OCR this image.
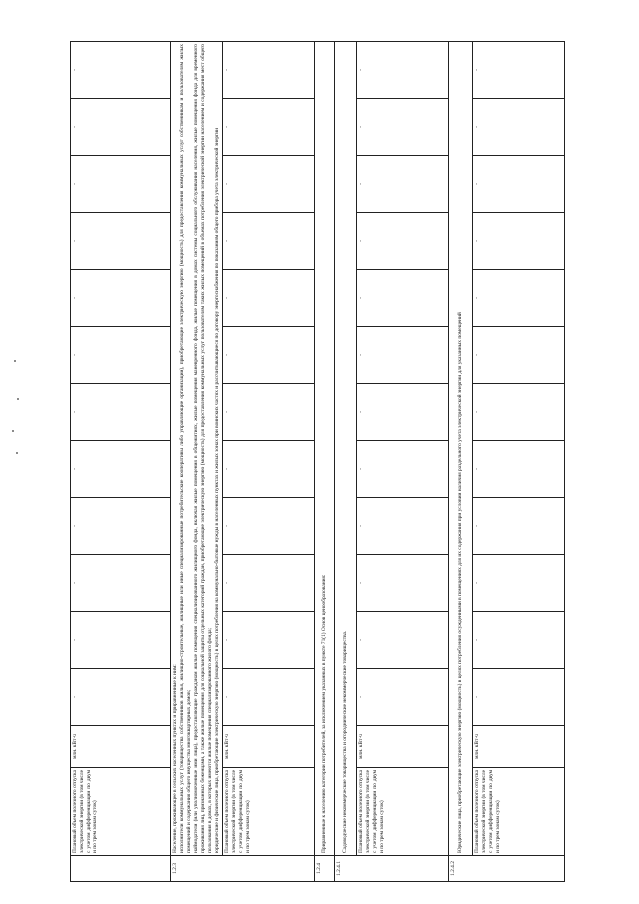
	Плановый объем полезного отпуска электрической энергии (в том числе с учетом дифференциации по двум и по трем зонам суток)	млн. кВт·ч	-	-	-	-	-	-	-	-	-	-	-	-
1.2.3	Население, проживающее в сельских населенных пунктах и приравненные к ним: исполнители коммунальных услуг (товарищества собственников жилья, жилищно-строительные, жилищные или иные специализированные потребительские кооперативы либо управляющие организации), приобретающие электрическую энергию (мощность) для предоставления коммунальных услуг собственникам и пользователям жилых помещений и содержания общего имущества многоквартирных домов; наймодатели (или уполномоченные ими лица), предоставляющие гражданам жилые помещения специализированного жилищного фонда, включая жилые помещения в общежитиях, жилые помещения маневренного фонда, жилые помещения в домах системы социального обслуживания населения, жилые помещения фонда для временного проживания лиц, признанных беженцами, а также жилые помещения для социальной защиты отдельных категорий граждан, приобретающие электрическую энергию (мощность) для предоставления коммунальных услуг пользователям таких жилых помещений в объемах потребления электрической энергии населением и содержания мест общего пользования в домах, в которых имеются жилые помещения специализированного жилого фонда; юридические и физические лица, приобретающие электрическую энергию (мощность) в целях потребления на коммунально-бытовые нужды в населенных пунктах и жилых зонах при воинских частях и рассчитывающиеся по договору энергоснабжения по показаниям общего прибора учета электрической энергии													

	Плановый объем полезного отпуска электрической энергии (в том числе с учетом дифференциации по двум и по трем зонам суток)	млн. кВт·ч	-	-	-	-	-	-	-	-	-	-	-	-
1.2.4	Приравненные к населению категории потребителей, за исключением указанных в пункте 71(1) Основ ценообразования:													
1.2.4.1	Садоводческие некоммерческие товарищества и огороднические некоммерческие товарищества.													
	Плановый объем полезного отпуска электрической энергии (в том числе с учетом дифференциации по двум и по трем зонам суток)	млн. кВт·ч	-	-	-	-	-	-	-	-	-	-	-	-
1.2.4.2	Юридические лица, приобретающие электрическую энергию (мощность) в целях потребления осужденными в помещениях для их содержания при условии наличия раздельного учета электрической энергии для указанных помещений													
	Плановый объем полезного отпуска электрической энергии (в том числе с учетом дифференциации по двум и по трем зонам суток)	млн. кВт·ч	-	-	-	-	-	-	-	-	-	-	-	-
